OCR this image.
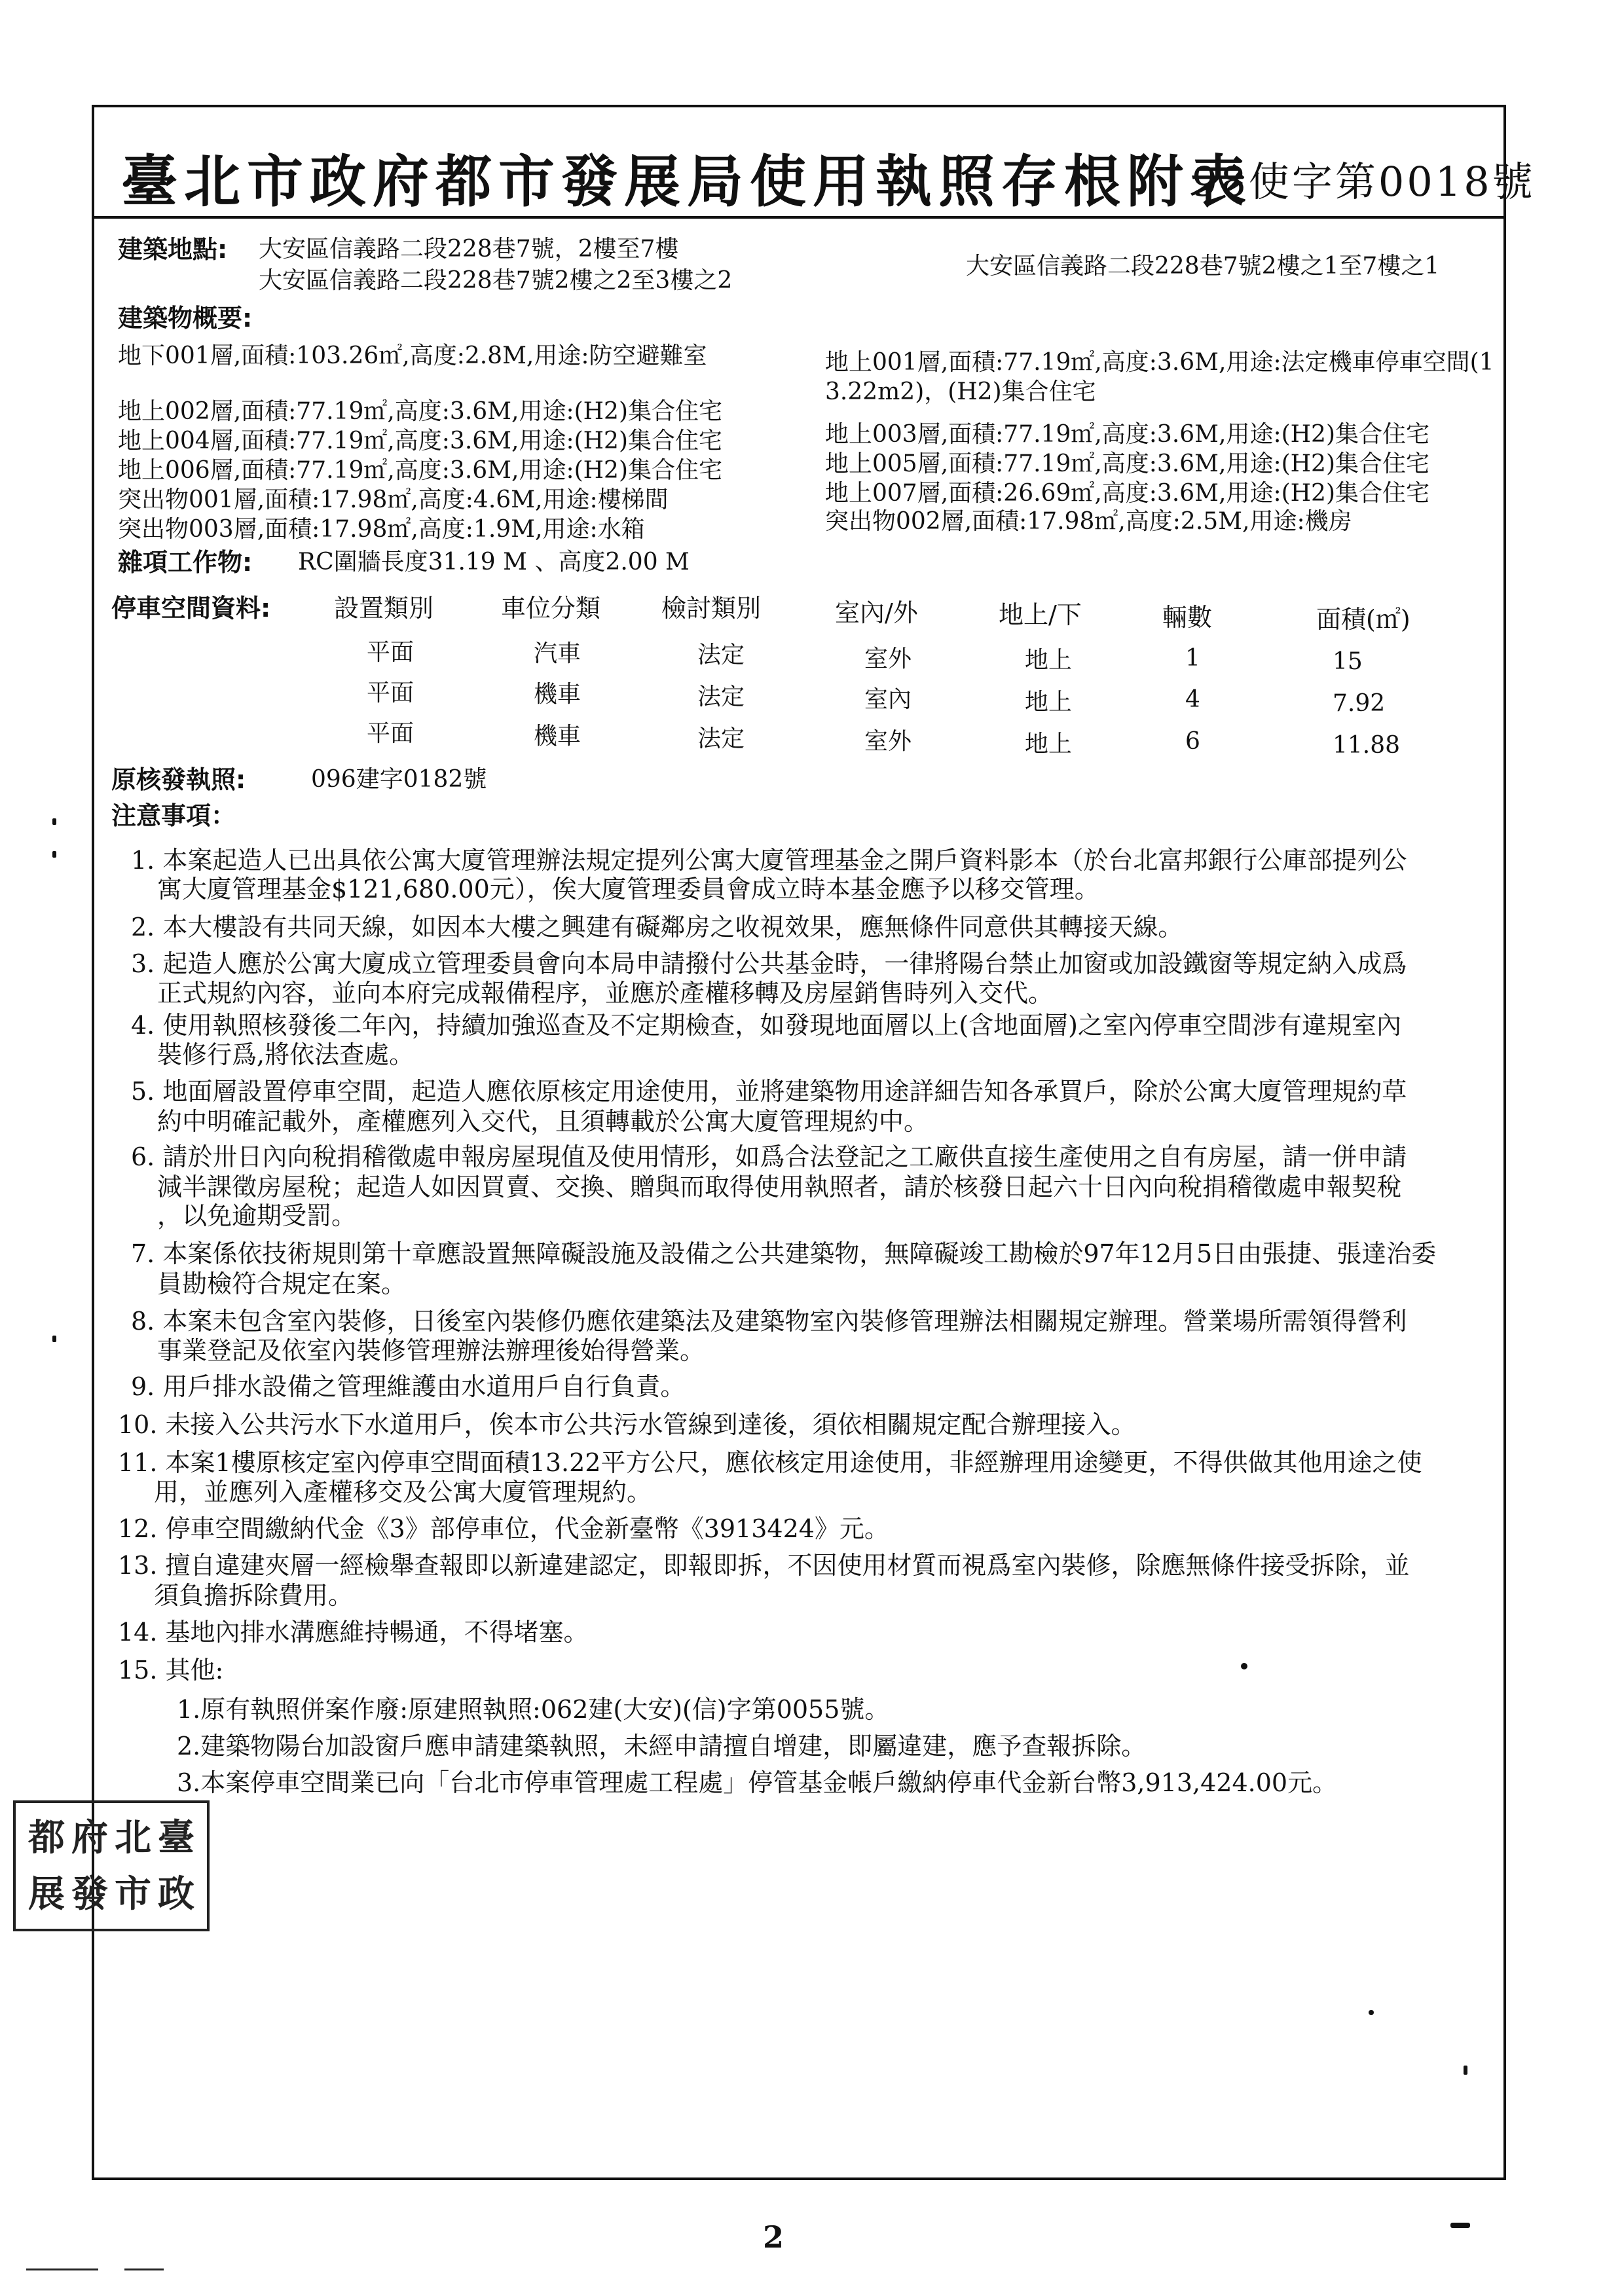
臺北市政府都市發展局使用執照存根附表
98使字第0018號
建築地點: 大安區信義路二段228巷7號，2樓至7樓
大安區信義路二段228巷7號2樓之2至3樓之2
大安區信義路二段228巷7號2樓之1至7樓之1
建築物概要:
地下001層,面積:103.26㎡,高度:2.8M,用途:防空避難室
地上002層,面積:77.19㎡,高度:3.6M,用途:(H2)集合住宅
地上004層,面積:77.19㎡,高度:3.6M,用途:(H2)集合住宅
地上006層,面積:77.19㎡,高度:3.6M,用途:(H2)集合住宅
突出物001層,面積:17.98㎡,高度:4.6M,用途:樓梯間
突出物003層,面積:17.98㎡,高度:1.9M,用途:水箱
地上001層,面積:77.19㎡,高度:3.6M,用途:法定機車停車空間(1
3.22m2)，(H2)集合住宅
地上003層,面積:77.19㎡,高度:3.6M,用途:(H2)集合住宅
地上005層,面積:77.19㎡,高度:3.6M,用途:(H2)集合住宅
地上007層,面積:26.69㎡,高度:3.6M,用途:(H2)集合住宅
突出物002層,面積:17.98㎡,高度:2.5M,用途:機房
雜項工作物: RC圍牆長度31.19 M 、高度2.00 M
停車空間資料:	設置類別	車位分類 檢討類別	室內/外	地上/下	輛數	面積(㎡)
平面	汽車	法定	室外	地上	1	15
平面	機車	法定	室內	地上	4	7.92
平面	機車	法定	室外	地上	6	11.88
原核發執照:	096建字0182號
注意事項：
1. 本案起造人已出具依公寓大廈管理辦法規定提列公寓大廈管理基金之開戶資料影本（於台北富邦銀行公庫部提列公
寓大廈管理基金$121,680.00元），俟大廈管理委員會成立時本基金應予以移交管理。
2. 本大樓設有共同天線，如因本大樓之興建有礙鄰房之收視效果，應無條件同意供其轉接天線。
3. 起造人應於公寓大廈成立管理委員會向本局申請撥付公共基金時，一律將陽台禁止加窗或加設鐵窗等規定納入成爲
正式規約內容，並向本府完成報備程序，並應於產權移轉及房屋銷售時列入交代。
4. 使用執照核發後二年內，持續加強巡查及不定期檢查，如發現地面層以上(含地面層)之室內停車空間涉有違規室內
裝修行爲,將依法查處。
5. 地面層設置停車空間，起造人應依原核定用途使用，並將建築物用途詳細告知各承買戶，除於公寓大廈管理規約草
約中明確記載外，產權應列入交代，且須轉載於公寓大廈管理規約中。
6. 請於卅日內向稅捐稽徵處申報房屋現值及使用情形，如爲合法登記之工廠供直接生產使用之自有房屋，請一併申請
減半課徵房屋稅；起造人如因買賣、交換、贈與而取得使用執照者，請於核發日起六十日內向稅捐稽徵處申報契稅
，以免逾期受罰。
7. 本案係依技術規則第十章應設置無障礙設施及設備之公共建築物，無障礙竣工勘檢於97年12月5日由張捷、張達治委
員勘檢符合規定在案。
8. 本案未包含室內裝修，日後室內裝修仍應依建築法及建築物室內裝修管理辦法相關規定辦理。營業場所需領得營利
事業登記及依室內裝修管理辦法辦理後始得營業。
9. 用戶排水設備之管理維護由水道用戶自行負責。
10. 未接入公共污水下水道用戶，俟本市公共污水管線到達後，須依相關規定配合辦理接入。
11. 本案1樓原核定室內停車空間面積13.22平方公尺，應依核定用途使用，非經辦理用途變更，不得供做其他用途之使
用，並應列入產權移交及公寓大廈管理規約。
12. 停車空間繳納代金《3》部停車位，代金新臺幣《3913424》元。
13. 擅自違建夾層一經檢舉查報即以新違建認定，即報即拆，不因使用材質而視爲室內裝修，除應無條件接受拆除，並
須負擔拆除費用。
14. 基地內排水溝應維持暢通，不得堵塞。
15. 其他:
1.原有執照併案作廢:原建照執照:062建(大安)(信)字第0055號。
2.建築物陽台加設窗戶應申請建築執照，未經申請擅自增建，即屬違建，應予查報拆除。
3.本案停車空間業已向「台北市停車管理處工程處」停管基金帳戶繳納停車代金新台幣3,913,424.00元。
都 府 北 臺
展 發 市 政
2
